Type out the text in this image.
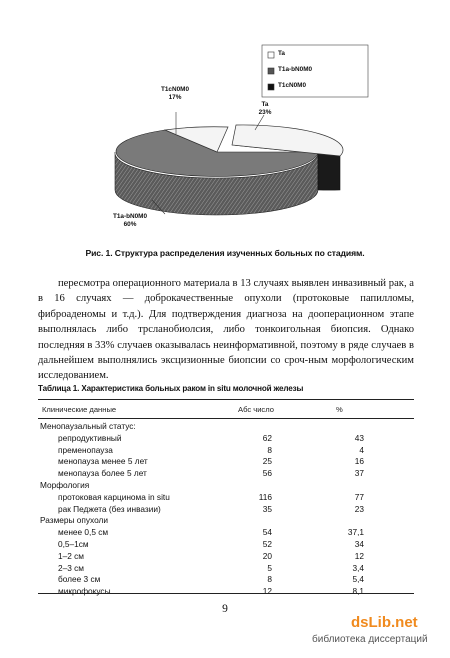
Ta
T1a-bN0M0
T1cN0M0
T1cN0M0
17%
Ta
23%
T1a-bN0M0
60%
Рис. 1. Структура распределения изученных больных по стадиям.
пересмотра операционного материала в 13 случаях выявлен инвазивный рак, а в 16 случаях — доброкачественные опухоли (протоковые папилломы, фиброаденомы и т.д.). Для подтверждения диагноза на дооперационном этапе выполнялась либо трсланобиолсия, либо тонкоигольная биопсия. Однако последняя в 33% случаев оказывалась неинформативной, поэтому в ряде случаев в дальнейшем выполнялись эксцизионные биопсии со сроч-ным морфологическим исследованием.
Таблица 1. Характеристика больных раком in situ молочной железы
Клинические данные	Абс число	%
Менопаузальный статус:
репродуктивный	62	43
пременопауза	8	4
менопауза менее 5 лет	25	16
менопауза более 5 лет	56	37
Морфология
протоковая карцинома in situ	116	77
рак Педжета (без инвазии)	35	23
Размеры опухоли
менее 0,5 см	54	37,1
0,5–1см	52	34
1–2 см	20	12
2–3 см	5	3,4
более 3 см	8	5,4
микрофокусы	12	8,1
9
dsLib.net
библиотека диссертаций
